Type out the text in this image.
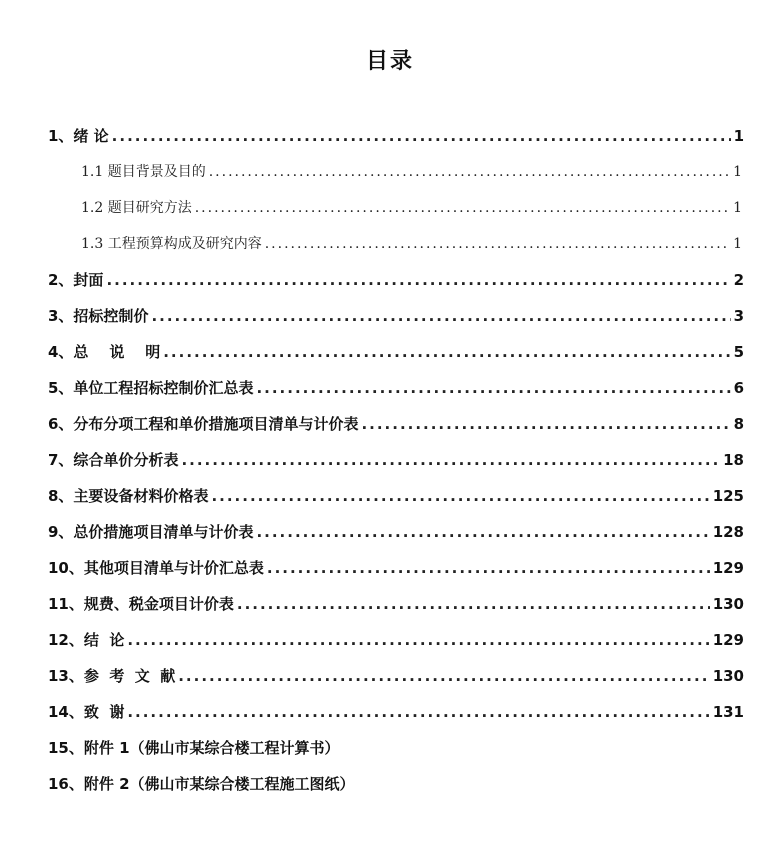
目录
1、绪 论 .....	1
1.1 题目背景及目的 .....	1
1.2 题目研究方法 .....	1
1.3 工程预算构成及研究内容 .....	1
2、封面 .....	2
3、招标控制价 .....	3
4、总    说    明 .....	5
5、单位工程招标控制价汇总表 .....	6
6、分布分项工程和单价措施项目清单与计价表 .....	8
7、综合单价分析表 .....	18
8、主要设备材料价格表 .....	125
9、总价措施项目清单与计价表 .....	128
10、其他项目清单与计价汇总表 .....	129
11、规费、税金项目计价表 .....	130
12、结  论 .....	129
13、参  考  文  献 .....	130
14、致  谢 .....	131
15、附件 1（佛山市某综合楼工程计算书）
16、附件 2（佛山市某综合楼工程施工图纸）
